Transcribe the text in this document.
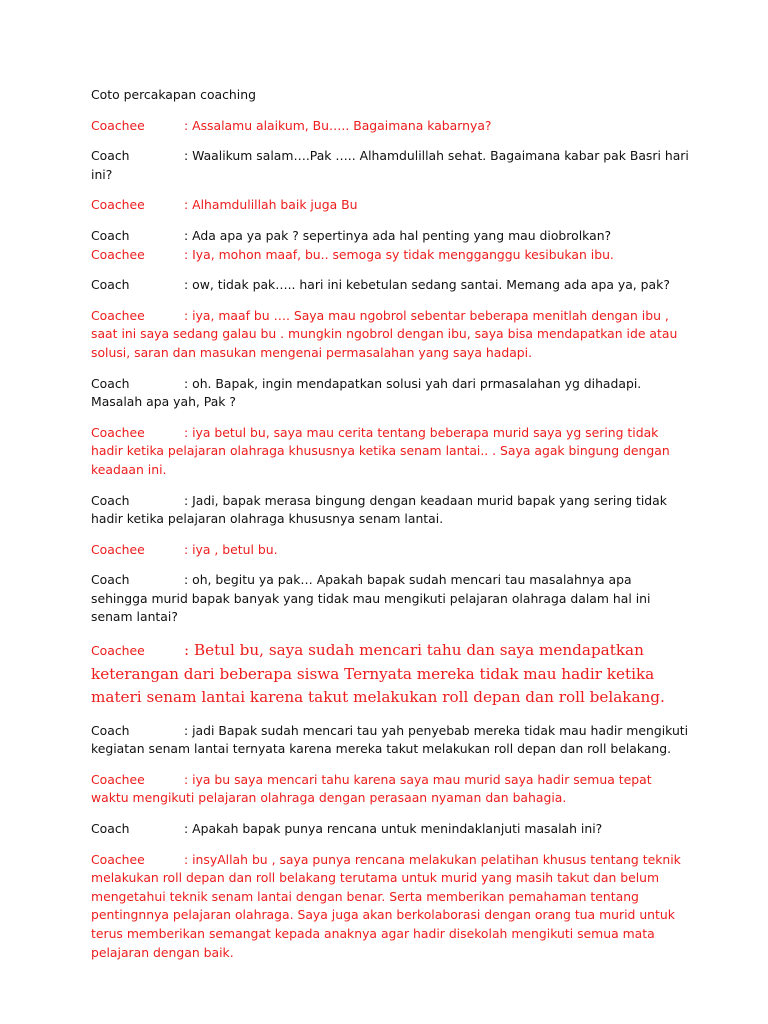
Coto percakapan coaching
Coachee	: Assalamu alaikum, Bu….. Bagaimana kabarnya?
Coach	: Waalikum salam….Pak ….. Alhamdulillah sehat. Bagaimana kabar pak Basri hari ini?
Coachee	: Alhamdulillah baik juga Bu
Coach	: Ada apa ya pak ? sepertinya ada hal penting yang mau diobrolkan?
Coachee	: Iya, mohon maaf, bu.. semoga sy tidak mengganggu kesibukan ibu.
Coach	: ow, tidak pak….. hari ini kebetulan sedang santai. Memang ada apa ya, pak?
Coachee	: iya, maaf bu …. Saya mau ngobrol sebentar beberapa menitlah dengan ibu , saat ini saya sedang galau bu . mungkin ngobrol dengan ibu, saya bisa mendapatkan ide atau solusi, saran dan masukan mengenai permasalahan yang saya hadapi.
Coach	: oh. Bapak, ingin mendapatkan solusi yah dari prmasalahan yg dihadapi. Masalah apa yah, Pak ?
Coachee	: iya betul bu, saya mau cerita tentang beberapa murid saya yg sering tidak hadir ketika pelajaran olahraga khususnya ketika senam lantai.. . Saya agak bingung dengan keadaan ini.
Coach	: Jadi, bapak merasa bingung dengan keadaan murid bapak yang sering tidak hadir ketika pelajaran olahraga khususnya senam lantai.
Coachee	: iya , betul bu.
Coach	: oh, begitu ya pak… Apakah bapak sudah mencari tau masalahnya apa sehingga murid bapak banyak yang tidak mau mengikuti pelajaran olahraga dalam hal ini senam lantai?
Coachee	: Betul bu, saya sudah mencari tahu dan saya mendapatkan keterangan dari beberapa siswa Ternyata mereka tidak mau hadir ketika materi senam lantai karena takut melakukan roll depan dan roll belakang.
Coach	: jadi Bapak sudah mencari tau yah penyebab mereka tidak mau hadir mengikuti kegiatan senam lantai ternyata karena mereka takut melakukan roll depan dan roll belakang.
Coachee	: iya bu saya mencari tahu karena saya mau murid saya hadir semua tepat waktu mengikuti pelajaran olahraga dengan perasaan nyaman dan bahagia.
Coach	: Apakah bapak punya rencana untuk menindaklanjuti masalah ini?
Coachee	: insyAllah bu , saya punya rencana melakukan pelatihan khusus tentang teknik melakukan roll depan dan roll belakang terutama untuk murid yang masih takut dan belum mengetahui teknik senam lantai dengan benar. Serta memberikan pemahaman tentang pentingnnya pelajaran olahraga. Saya juga akan berkolaborasi dengan orang tua murid untuk terus memberikan semangat kepada anaknya agar hadir disekolah mengikuti semua mata pelajaran dengan baik.
